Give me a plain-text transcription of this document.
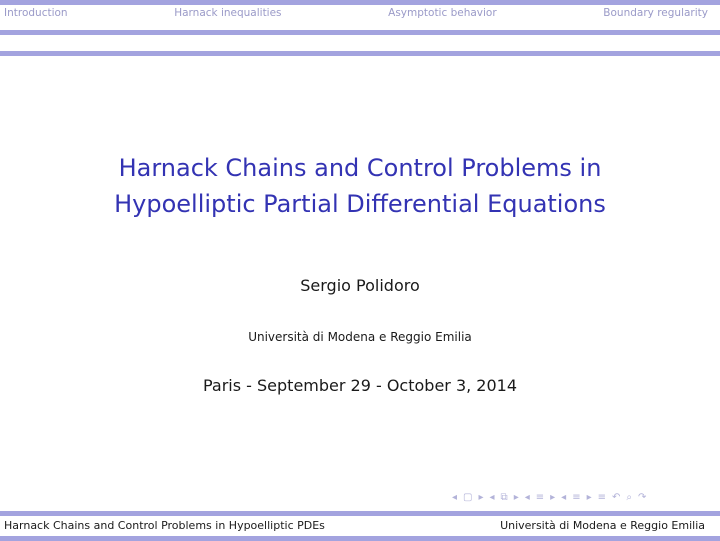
Introduction	Harnack inequalities	Asymptotic behavior	Boundary regularity
Harnack Chains and Control Problems in
Hypoelliptic Partial Differential Equations
Sergio Polidoro
Università di Modena e Reggio Emilia
Paris - September 29 - October 3, 2014
◂ ▢ ▸ ◂ ⧉ ▸ ◂ ≡ ▸ ◂ ≡ ▸ ≡ ↶ ⌕ ↷
Harnack Chains and Control Problems in Hypoelliptic PDEs	Università di Modena e Reggio Emilia
